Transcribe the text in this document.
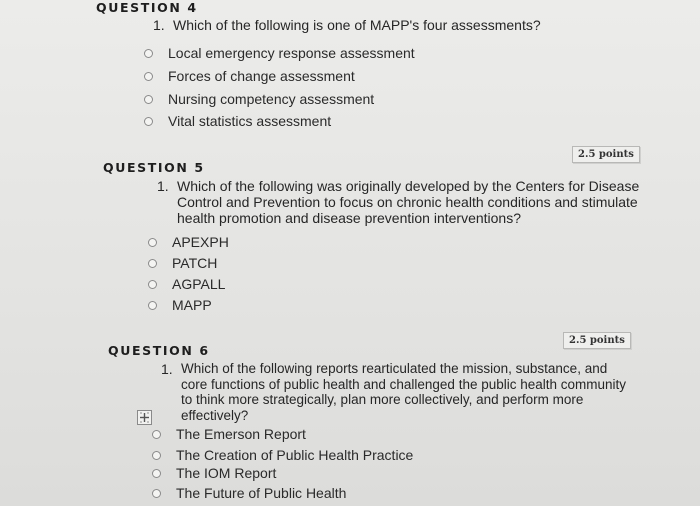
QUESTION 4
1. Which of the following is one of MAPP's four assessments?
Local emergency response assessment
Forces of change assessment
Nursing competency assessment
Vital statistics assessment
2.5 points
QUESTION 5
1. Which of the following was originally developed by the Centers for Disease
Control and Prevention to focus on chronic health conditions and stimulate
health promotion and disease prevention interventions?
APEXPH
PATCH
AGPALL
MAPP
2.5 points
QUESTION 6
1. Which of the following reports rearticulated the mission, substance, and
core functions of public health and challenged the public health community
to think more strategically, plan more collectively, and perform more
effectively?
The Emerson Report
The Creation of Public Health Practice
The IOM Report
The Future of Public Health
